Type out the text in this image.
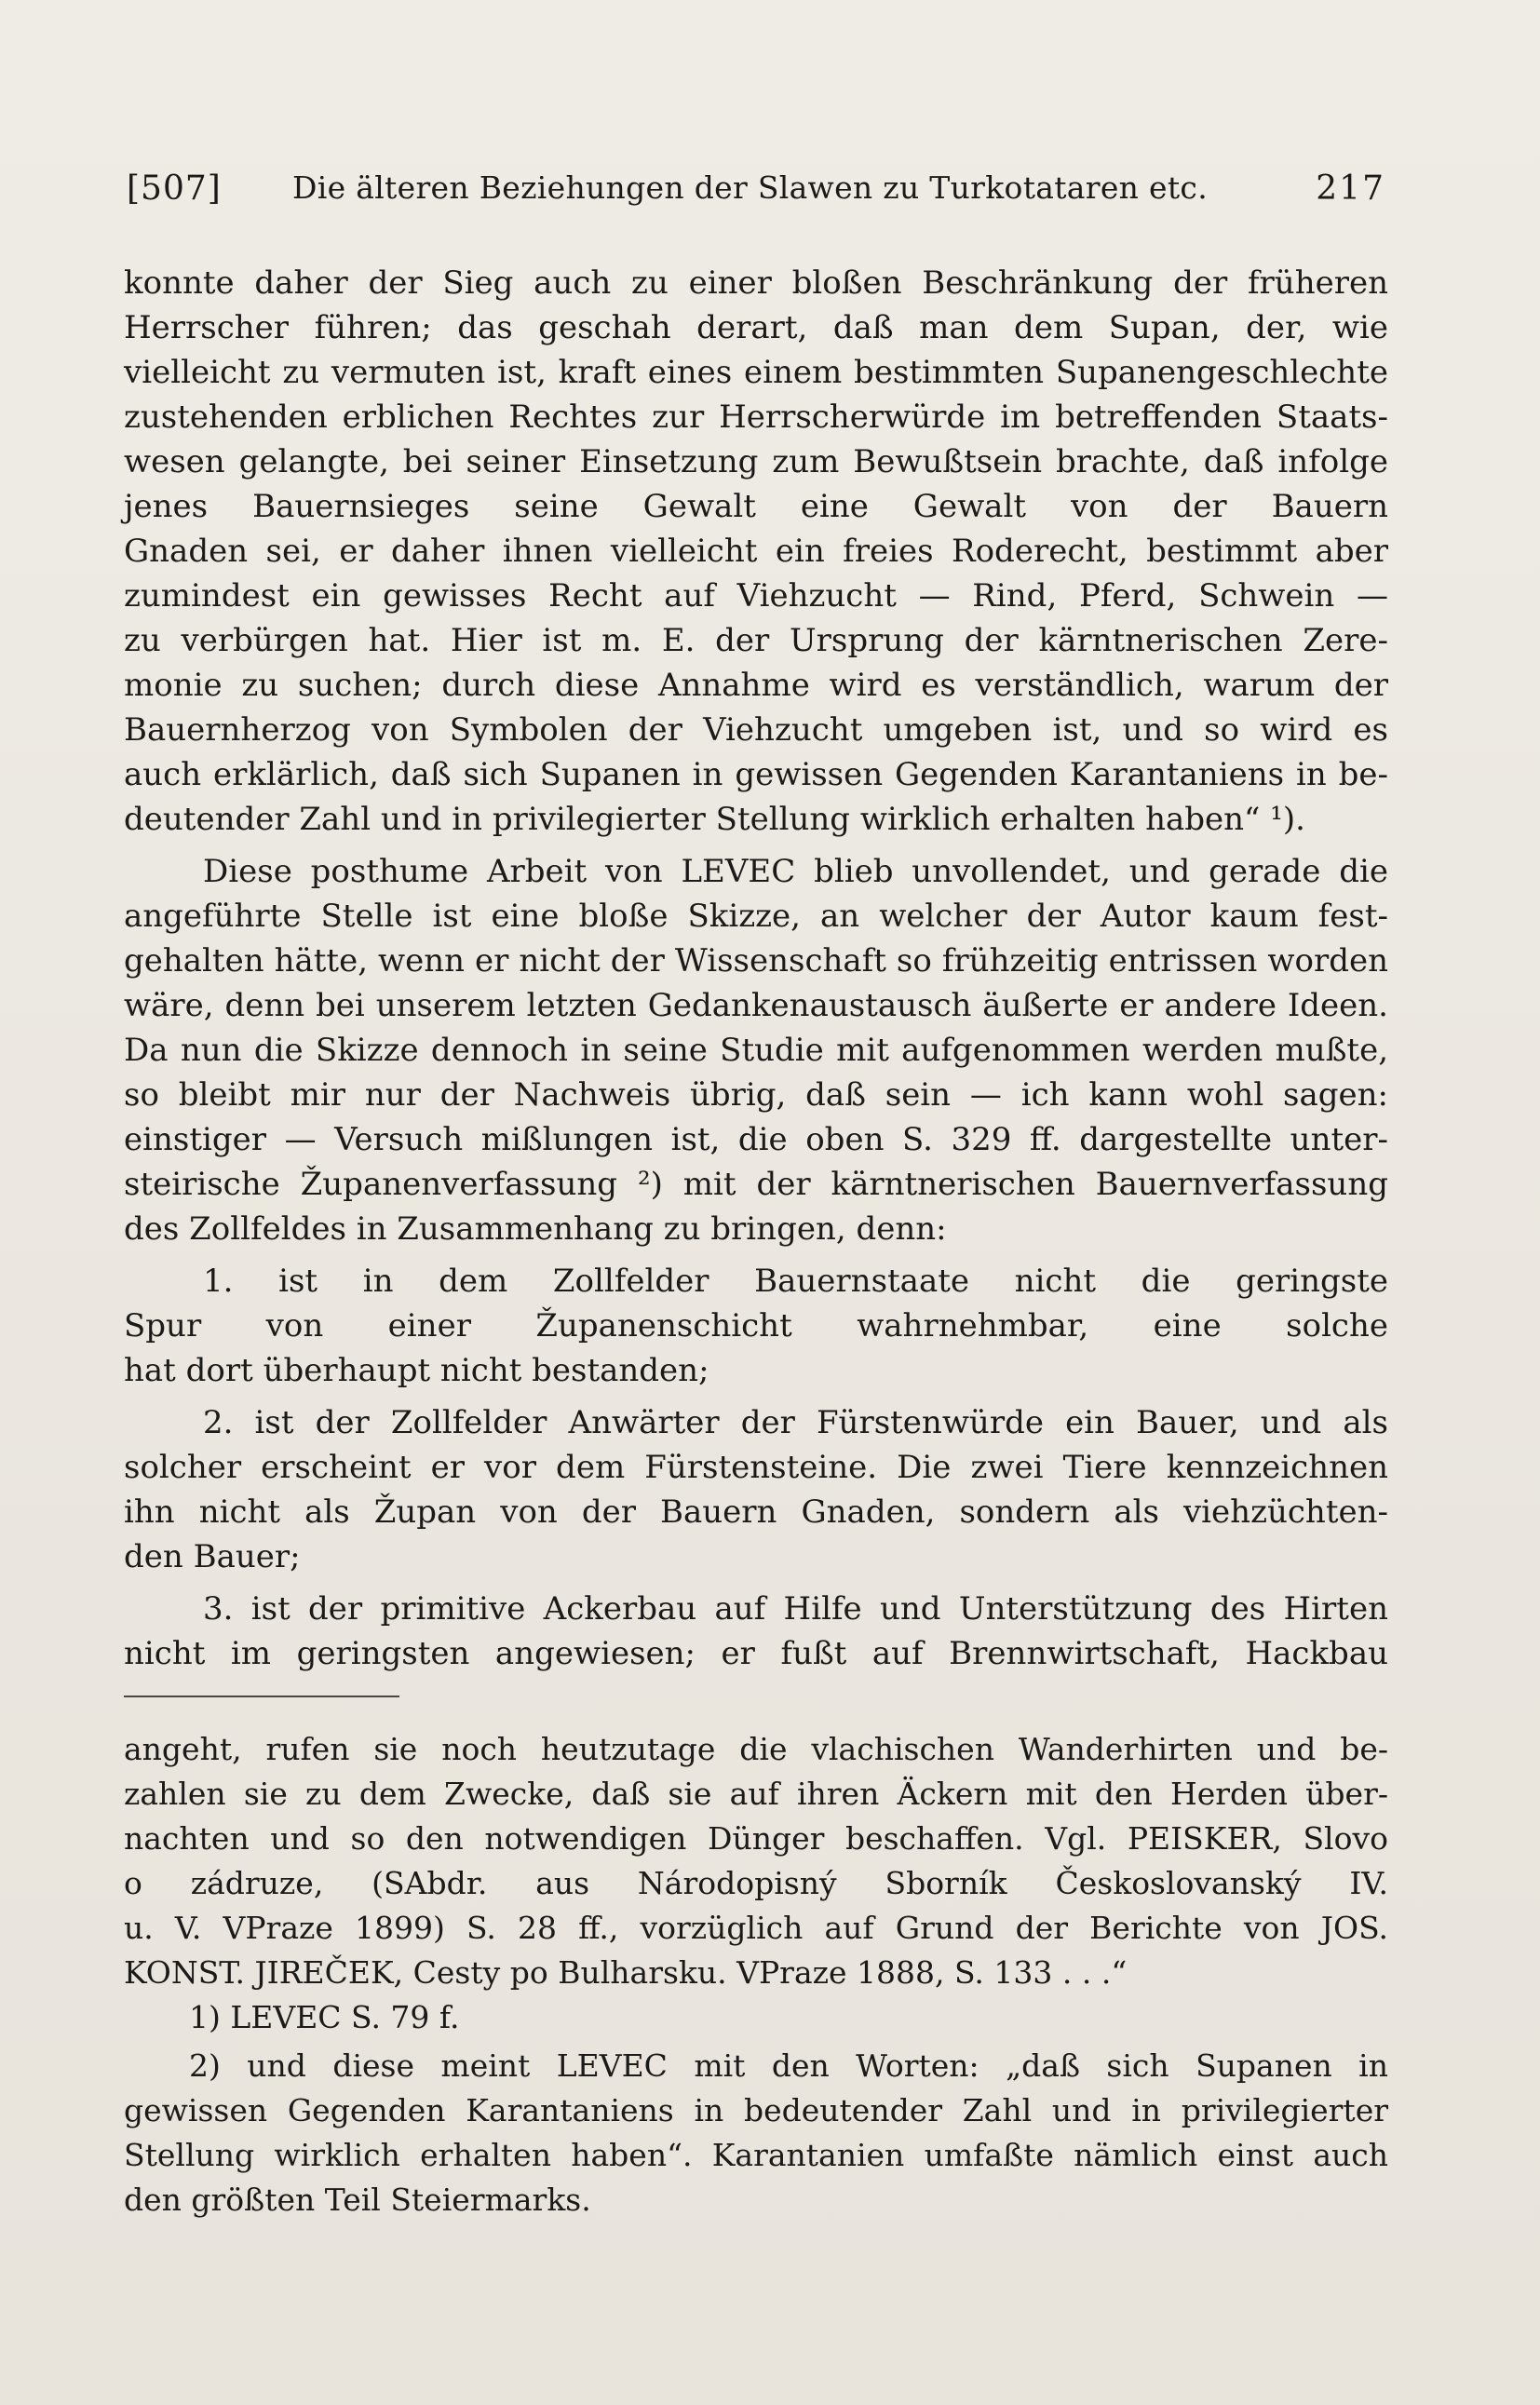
[507] Die älteren Beziehungen der Slawen zu Turkotataren etc.	217
konnte daher der Sieg auch zu einer bloßen Beschränkung der früheren
Herrscher führen; das geschah derart, daß man dem Supan, der, wie
vielleicht zu vermuten ist, kraft eines einem bestimmten Supanengeschlechte
zustehenden erblichen Rechtes zur Herrscherwürde im betreffenden Staats-
wesen gelangte, bei seiner Einsetzung zum Bewußtsein brachte, daß infolge
jenes Bauernsieges seine Gewalt eine Gewalt von der Bauern
Gnaden sei, er daher ihnen vielleicht ein freies Roderecht, bestimmt aber
zumindest ein gewisses Recht auf Viehzucht — Rind, Pferd, Schwein —
zu verbürgen hat. Hier ist m. E. der Ursprung der kärntnerischen Zere-
monie zu suchen; durch diese Annahme wird es verständlich, warum der
Bauernherzog von Symbolen der Viehzucht umgeben ist, und so wird es
auch erklärlich, daß sich Supanen in gewissen Gegenden Karantaniens in be-
deutender Zahl und in privilegierter Stellung wirklich erhalten haben“ ¹).
Diese posthume Arbeit von LEVEC blieb unvollendet, und gerade die
angeführte Stelle ist eine bloße Skizze, an welcher der Autor kaum fest-
gehalten hätte, wenn er nicht der Wissenschaft so frühzeitig entrissen worden
wäre, denn bei unserem letzten Gedankenaustausch äußerte er andere Ideen.
Da nun die Skizze dennoch in seine Studie mit aufgenommen werden mußte,
so bleibt mir nur der Nachweis übrig, daß sein — ich kann wohl sagen:
einstiger — Versuch mißlungen ist, die oben S. 329 ff. dargestellte unter-
steirische Županenverfassung ²) mit der kärntnerischen Bauernverfassung
des Zollfeldes in Zusammenhang zu bringen, denn:
1. ist in dem Zollfelder Bauernstaate nicht die geringste
Spur von einer Županenschicht wahrnehmbar, eine solche
hat dort überhaupt nicht bestanden;
2. ist der Zollfelder Anwärter der Fürstenwürde ein Bauer, und als
solcher erscheint er vor dem Fürstensteine. Die zwei Tiere kennzeichnen
ihn nicht als Župan von der Bauern Gnaden, sondern als viehzüchten-
den Bauer;
3. ist der primitive Ackerbau auf Hilfe und Unterstützung des Hirten
nicht im geringsten angewiesen; er fußt auf Brennwirtschaft, Hackbau
angeht, rufen sie noch heutzutage die vlachischen Wanderhirten und be-
zahlen sie zu dem Zwecke, daß sie auf ihren Äckern mit den Herden über-
nachten und so den notwendigen Dünger beschaffen. Vgl. PEISKER, Slovo
o zádruze, (SAbdr. aus Národopisný Sborník Českoslovanský IV.
u. V. VPraze 1899) S. 28 ff., vorzüglich auf Grund der Berichte von JOS.
KONST. JIREČEK, Cesty po Bulharsku. VPraze 1888, S. 133 . . .“
1) LEVEC S. 79 f.
2) und diese meint LEVEC mit den Worten: „daß sich Supanen in
gewissen Gegenden Karantaniens in bedeutender Zahl und in privilegierter
Stellung wirklich erhalten haben“. Karantanien umfaßte nämlich einst auch
den größten Teil Steiermarks.
